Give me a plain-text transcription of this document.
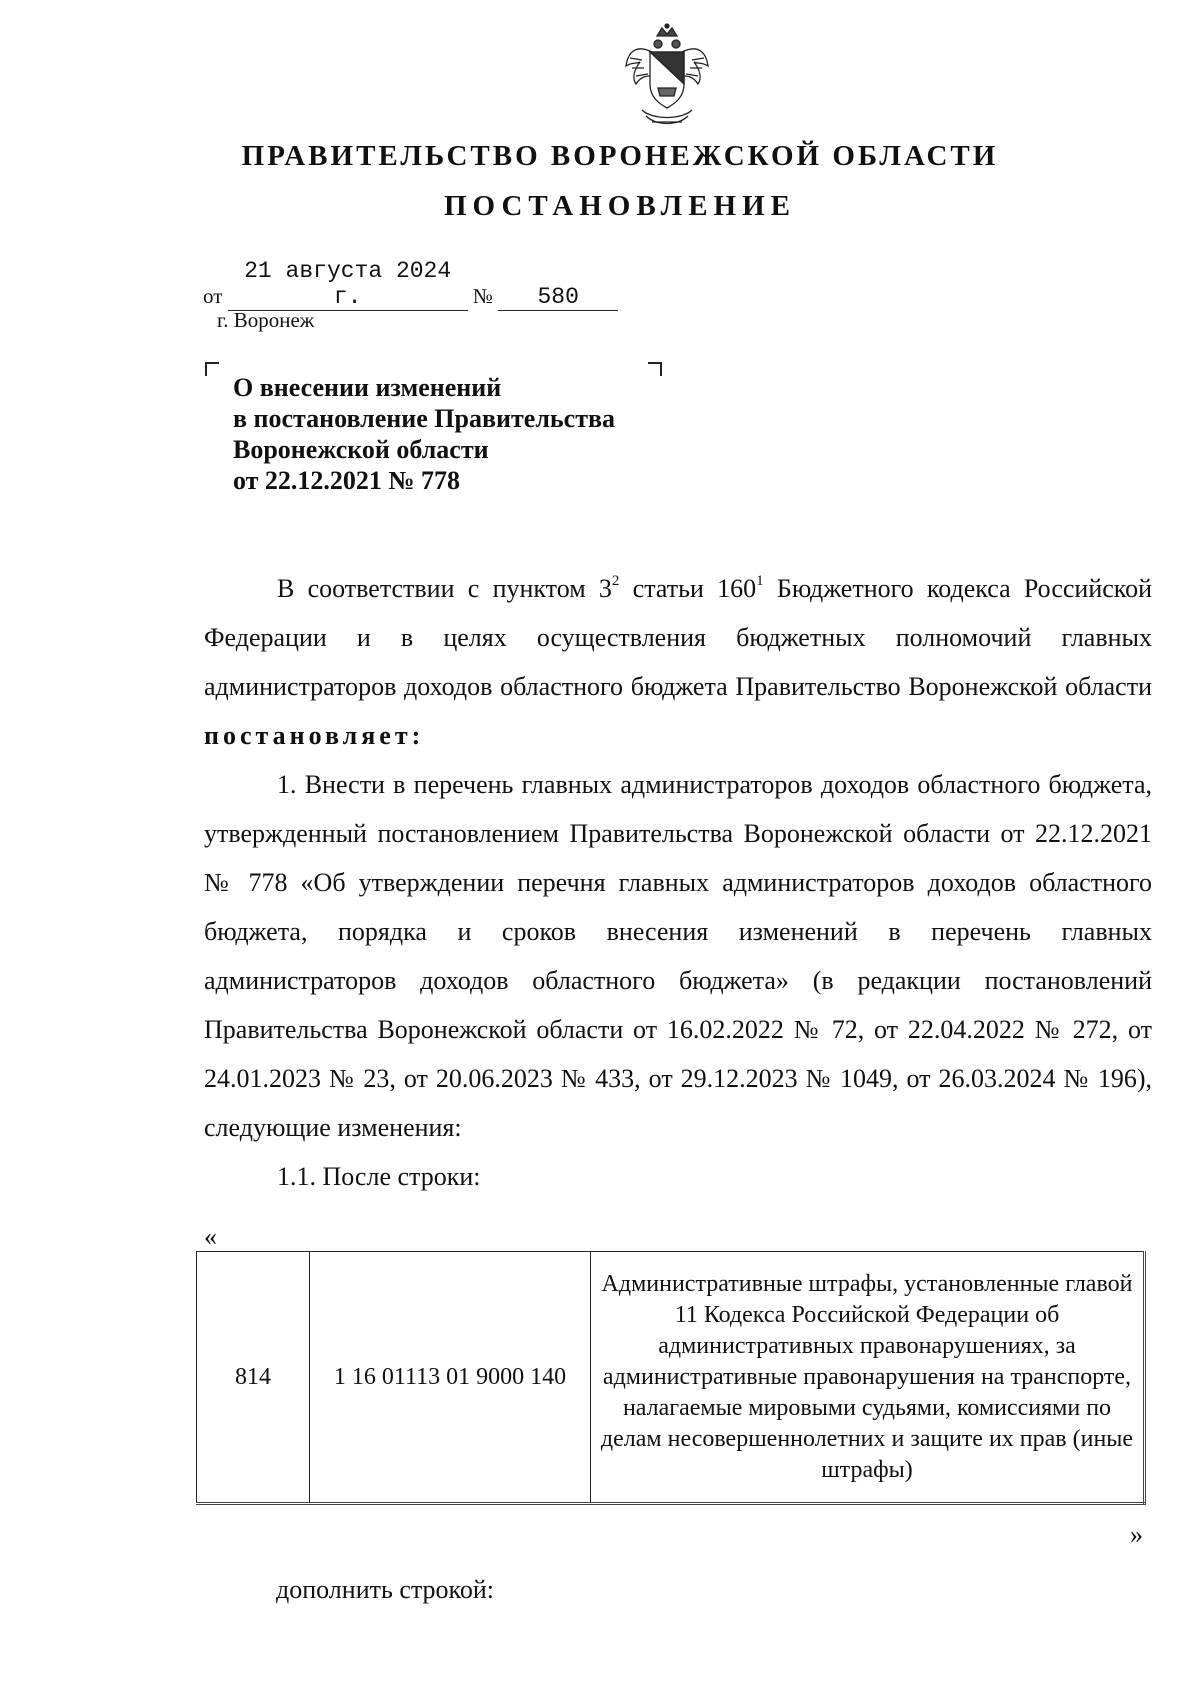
ПРАВИТЕЛЬСТВО ВОРОНЕЖСКОЙ ОБЛАСТИ
ПОСТАНОВЛЕНИЕ
от 21 августа 2024 г.	№ 580
г. Воронеж
О внесении изменений
в постановление Правительства
Воронежской области
от 22.12.2021 № 778

В соответствии с пунктом $3^2$ статьи $160^1$ Бюджетного кодекса Российской Федерации и в целях осуществления бюджетных полномочий главных администраторов доходов областного бюджета Правительство Воронежской области постановляет:

1. Внести в перечень главных администраторов доходов областного бюджета, утвержденный постановлением Правительства Воронежской области от 22.12.2021 № 778 «Об утверждении перечня главных администраторов доходов областного бюджета, порядка и сроков внесения изменений в перечень главных администраторов доходов областного бюджета» (в редакции постановлений Правительства Воронежской области от 16.02.2022 № 72, от 22.04.2022 № 272, от 24.01.2023 № 23, от 20.06.2023 № 433, от 29.12.2023 № 1049, от 26.03.2024 № 196), следующие изменения:

1.1. После строки:

«
814	1 16 01113 01 9000 140	Административные штрафы, установленные главой 11 Кодекса Российской Федерации об административных правонарушениях, за административные правонарушения на транспорте, налагаемые мировыми судьями, комиссиями по делам несовершеннолетних и защите их прав (иные штрафы)
»
дополнить строкой:
